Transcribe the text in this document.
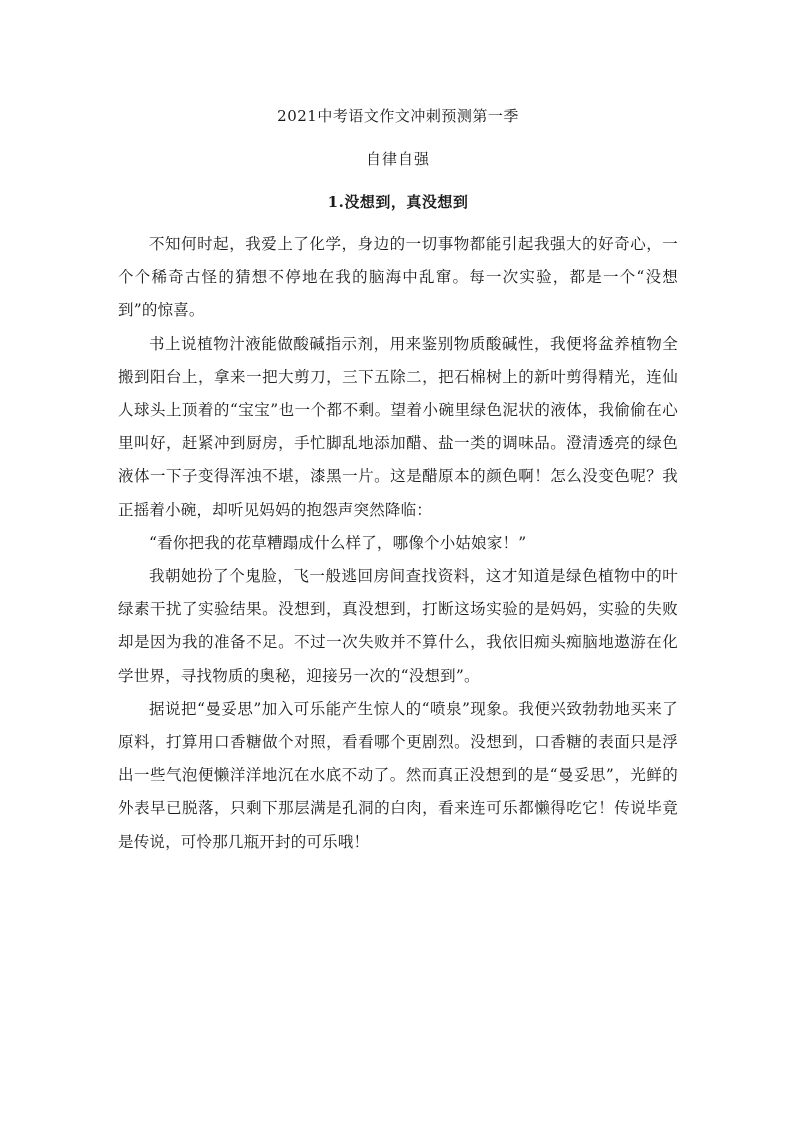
2021中考语文作文冲刺预测第一季
自律自强
1.没想到，真没想到

不知何时起，我爱上了化学，身边的一切事物都能引起我强大的好奇心，一个个稀奇古怪的猜想不停地在我的脑海中乱窜。每一次实验，都是一个“没想到”的惊喜。

书上说植物汁液能做酸碱指示剂，用来鉴别物质酸碱性，我便将盆养植物全搬到阳台上，拿来一把大剪刀，三下五除二，把石棉树上的新叶剪得精光，连仙人球头上顶着的“宝宝”也一个都不剩。望着小碗里绿色泥状的液体，我偷偷在心里叫好，赶紧冲到厨房，手忙脚乱地添加醋、盐一类的调味品。澄清透亮的绿色液体一下子变得浑浊不堪，漆黑一片。这是醋原本的颜色啊！怎么没变色呢？我正摇着小碗，却听见妈妈的抱怨声突然降临：

“看你把我的花草糟蹋成什么样了，哪像个小姑娘家！”

我朝她扮了个鬼脸，飞一般逃回房间查找资料，这才知道是绿色植物中的叶绿素干扰了实验结果。没想到，真没想到，打断这场实验的是妈妈，实验的失败却是因为我的准备不足。不过一次失败并不算什么，我依旧痴头痴脑地遨游在化学世界，寻找物质的奥秘，迎接另一次的“没想到”。

据说把“曼妥思”加入可乐能产生惊人的“喷泉”现象。我便兴致勃勃地买来了原料，打算用口香糖做个对照，看看哪个更剧烈。没想到，口香糖的表面只是浮出一些气泡便懒洋洋地沉在水底不动了。然而真正没想到的是“曼妥思”，光鲜的外表早已脱落，只剩下那层满是孔洞的白肉，看来连可乐都懒得吃它！传说毕竟是传说，可怜那几瓶开封的可乐哦！
